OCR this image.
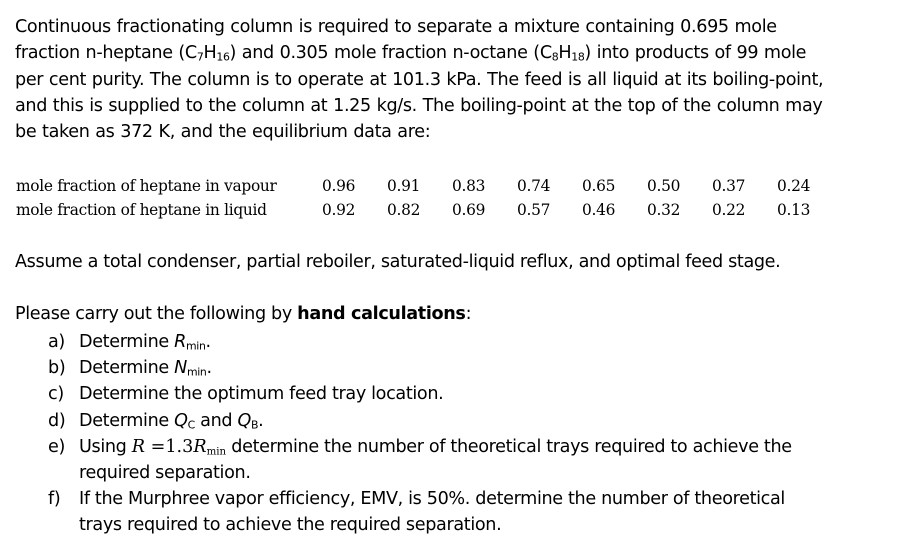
Continuous fractionating column is required to separate a mixture containing 0.695 mole
fraction n-heptane $(C_7H_{16})$ and 0.305 mole fraction n-octane $(C_8H_{18})$ into products of 99 mole
per cent purity. The column is to operate at 101.3 kPa. The feed is all liquid at its boiling-point,
and this is supplied to the column at 1.25 kg/s. The boiling-point at the top of the column may
be taken as 372 K, and the equilibrium data are:
mole fraction of heptane in vapour	0.96	0.91	0.83	0.74	0.65	0.50	0.37	0.24
mole fraction of heptane in liquid	0.92	0.82	0.69	0.57	0.46	0.32	0.22	0.13
Assume a total condenser, partial reboiler, saturated-liquid reflux, and optimal feed stage.
Please carry out the following by hand calculations:
a) Determine $R_{min}$.
b) Determine $N_{min}$.
c) Determine the optimum feed tray location.
d) Determine $Q_C$ and $Q_B$.
e) Using $R =1.3R_{min}$ determine the number of theoretical trays required to achieve the
required separation.
f) If the Murphree vapor efficiency, EMV, is 50%. determine the number of theoretical
trays required to achieve the required separation.
